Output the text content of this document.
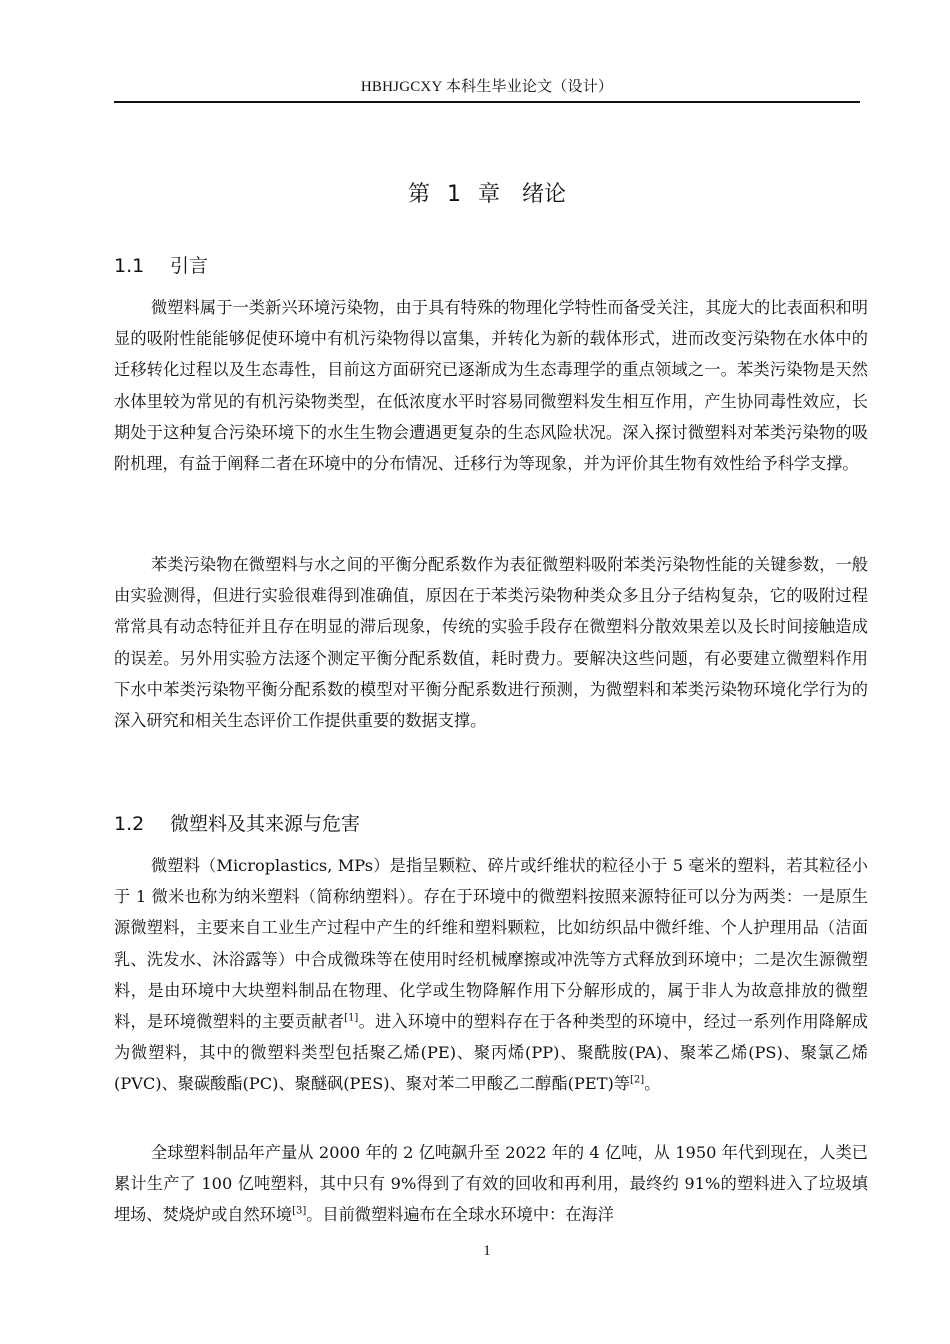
HBHJGCXY 本科生毕业论文（设计）
第 1 章　绪论
1.1 引言

微塑料属于一类新兴环境污染物，由于具有特殊的物理化学特性而备受关注，其庞大的比表面积和明显的吸附性能能够促使环境中有机污染物得以富集，并转化为新的载体形式，进而改变污染物在水体中的迁移转化过程以及生态毒性，目前这方面研究已逐渐成为生态毒理学的重点领域之一。苯类污染物是天然水体里较为常见的有机污染物类型，在低浓度水平时容易同微塑料发生相互作用，产生协同毒性效应，长期处于这种复合污染环境下的水生生物会遭遇更复杂的生态风险状况。深入探讨微塑料对苯类污染物的吸附机理，有益于阐释二者在环境中的分布情况、迁移行为等现象，并为评价其生物有效性给予科学支撑。

苯类污染物在微塑料与水之间的平衡分配系数作为表征微塑料吸附苯类污染物性能的关键参数，一般由实验测得，但进行实验很难得到准确值，原因在于苯类污染物种类众多且分子结构复杂，它的吸附过程常常具有动态特征并且存在明显的滞后现象，传统的实验手段存在微塑料分散效果差以及长时间接触造成的误差。另外用实验方法逐个测定平衡分配系数值，耗时费力。要解决这些问题，有必要建立微塑料作用下水中苯类污染物平衡分配系数的模型对平衡分配系数进行预测，为微塑料和苯类污染物环境化学行为的深入研究和相关生态评价工作提供重要的数据支撑。

1.2 微塑料及其来源与危害

微塑料（Microplastics, MPs）是指呈颗粒、碎片或纤维状的粒径小于 5 毫米的塑料，若其粒径小于 1 微米也称为纳米塑料（简称纳塑料）。存在于环境中的微塑料按照来源特征可以分为两类：一是原生源微塑料，主要来自工业生产过程中产生的纤维和塑料颗粒，比如纺织品中微纤维、个人护理用品（洁面乳、洗发水、沐浴露等）中合成微珠等在使用时经机械摩擦或冲洗等方式释放到环境中；二是次生源微塑料，是由环境中大块塑料制品在物理、化学或生物降解作用下分解形成的，属于非人为故意排放的微塑料，是环境微塑料的主要贡献者[1]。进入环境中的塑料存在于各种类型的环境中，经过一系列作用降解成为微塑料，其中的微塑料类型包括聚乙烯(PE)、聚丙烯(PP)、聚酰胺(PA)、聚苯乙烯(PS)、聚氯乙烯(PVC)、聚碳酸酯(PC)、聚醚砜(PES)、聚对苯二甲酸乙二醇酯(PET)等[2]。

全球塑料制品年产量从 2000 年的 2 亿吨飙升至 2022 年的 4 亿吨，从 1950 年代到现在，人类已累计生产了 100 亿吨塑料，其中只有 9%得到了有效的回收和再利用，最终约 91%的塑料进入了垃圾填埋场、焚烧炉或自然环境[3]。目前微塑料遍布在全球水环境中：在海洋

1
